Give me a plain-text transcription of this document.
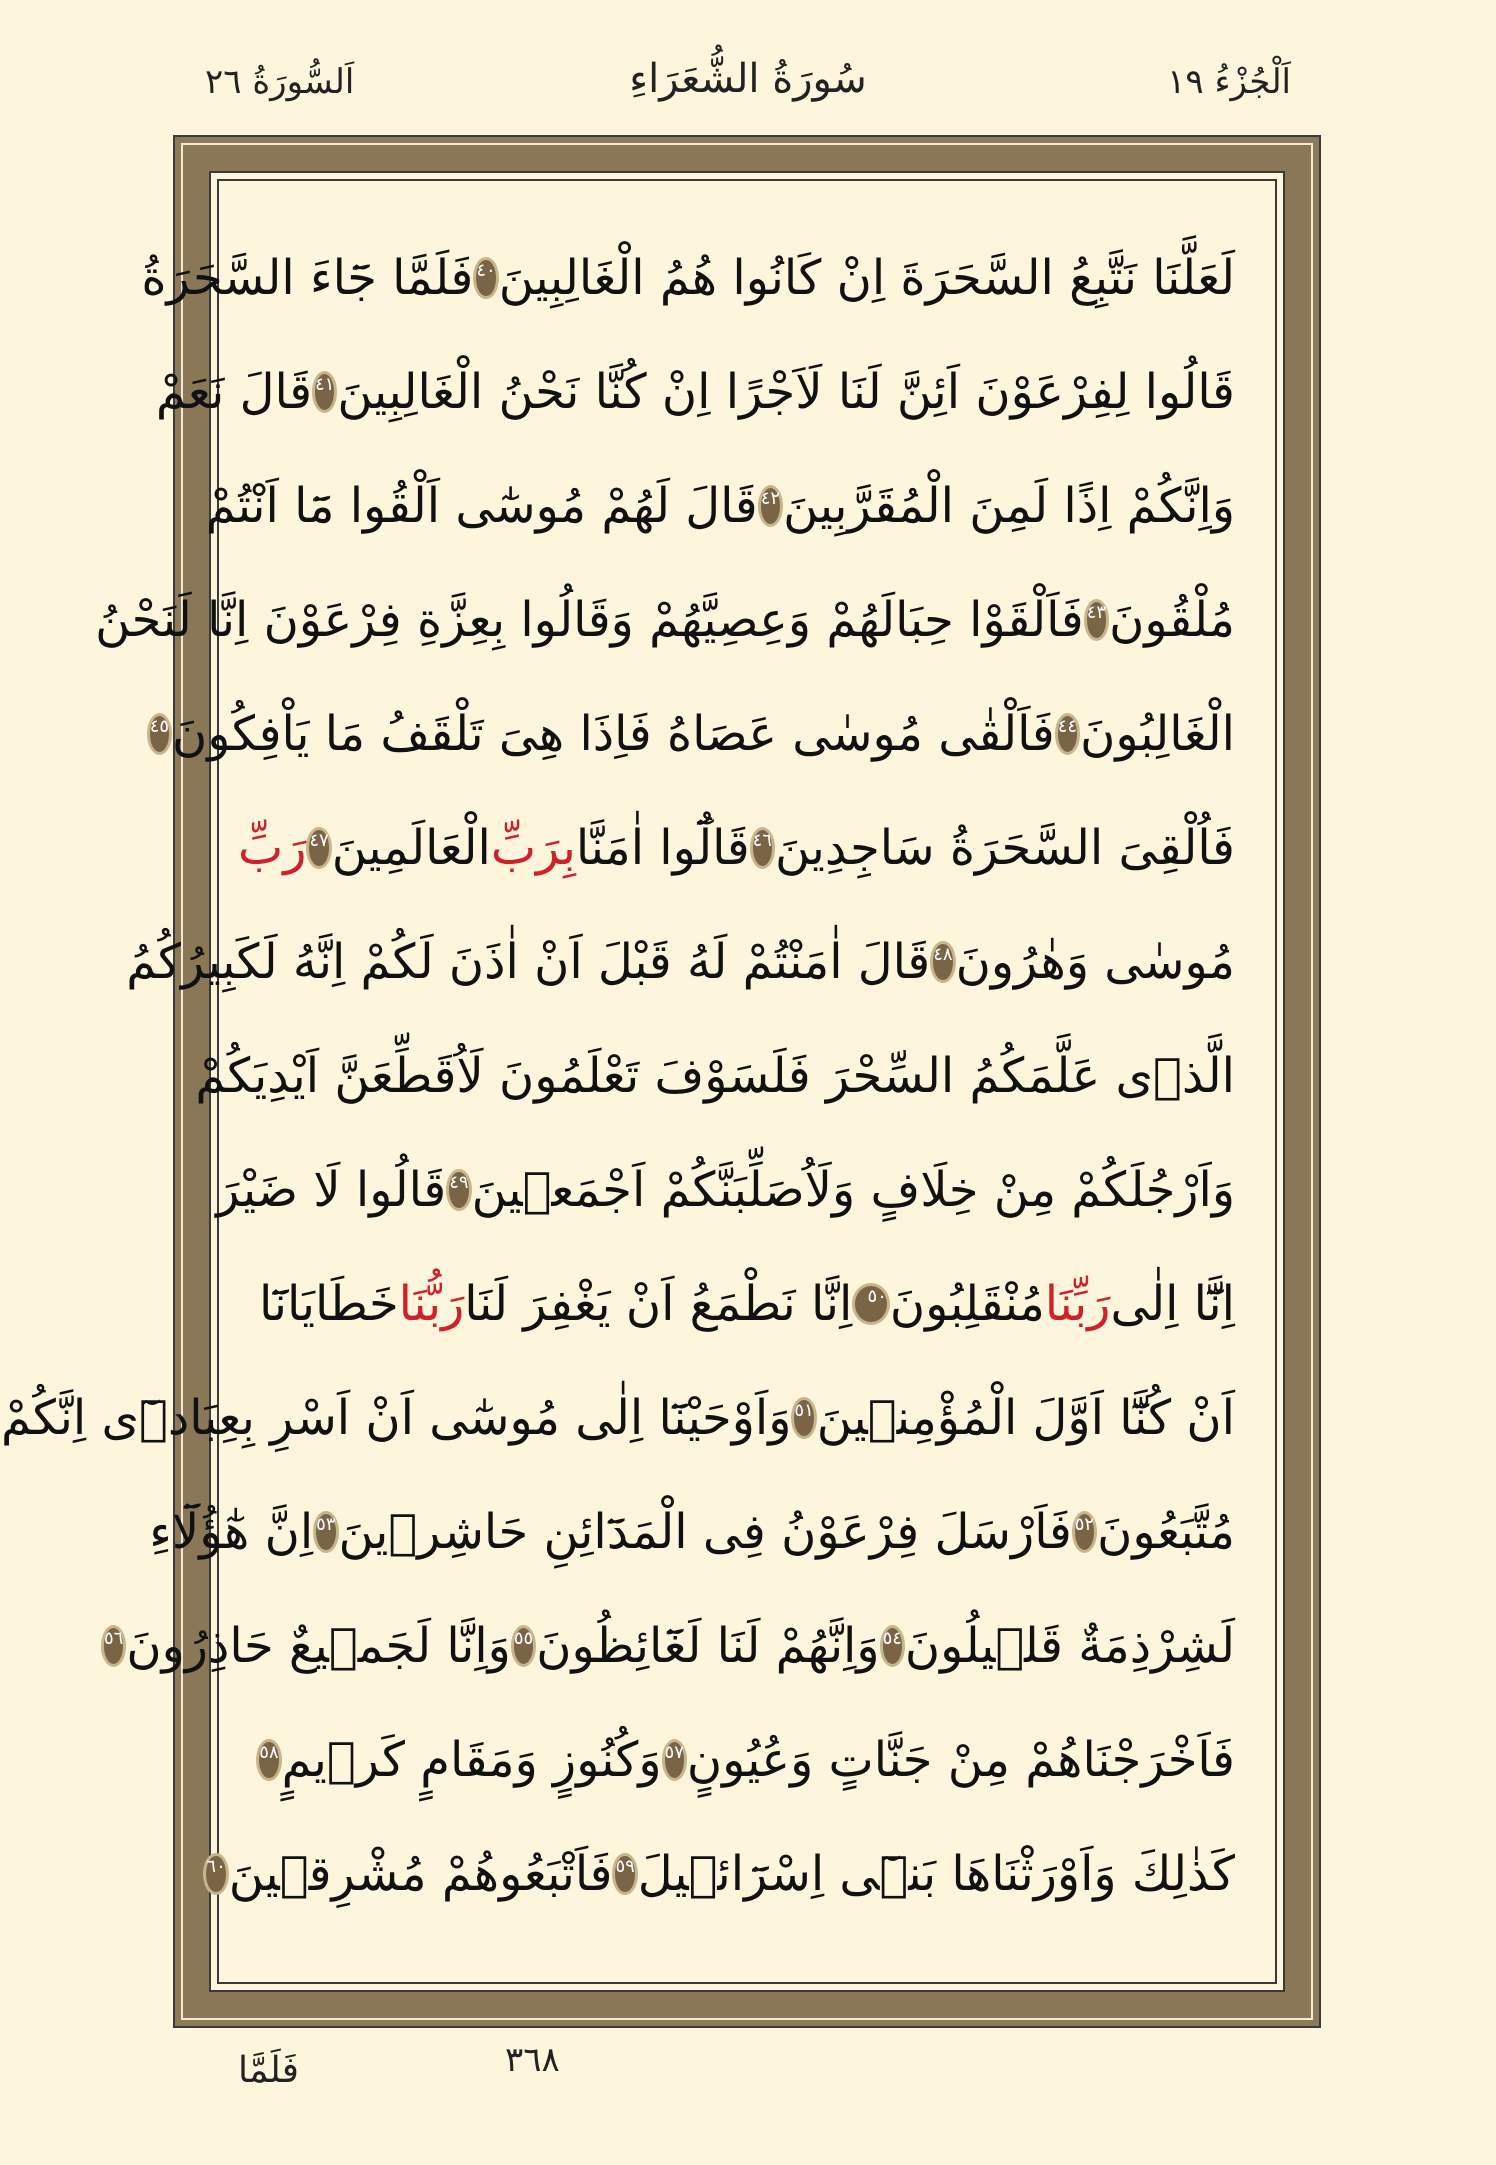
اَلْجُزْءُ ١٩
سُورَةُ الشُّعَرَاءِ
اَلسُّورَةُ ٢٦
لَعَلَّنَا نَتَّبِعُ السَّحَرَةَ اِنْ كَانُوا هُمُ الْغَالِبِينَ
٤٠
فَلَمَّا جَٓاءَ السَّحَرَةُ
قَالُوا لِفِرْعَوْنَ اَئِنَّ لَنَا لَاَجْرًا اِنْ كُنَّا نَحْنُ الْغَالِبِينَ
٤١
قَالَ نَعَمْ
وَاِنَّكُمْ اِذًا لَمِنَ الْمُقَرَّبِينَ
٤٢
قَالَ لَهُمْ مُوسٰٓى اَلْقُوا مَٓا اَنْتُمْ
مُلْقُونَ
٤٣
فَاَلْقَوْا حِبَالَهُمْ وَعِصِيَّهُمْ وَقَالُوا بِعِزَّةِ فِرْعَوْنَ اِنَّا لَنَحْنُ
الْغَالِبُونَ
٤٤
فَاَلْقٰى مُوسٰى عَصَاهُ فَاِذَا هِىَ تَلْقَفُ مَا يَاْفِكُونَ
٤٥
فَاُلْقِىَ السَّحَرَةُ سَاجِدِينَ
٤٦
قَالُٓوا اٰمَنَّا
بِرَبِّ
الْعَالَمِينَ
٤٧
رَبِّ
مُوسٰى وَهٰرُونَ
٤٨
قَالَ اٰمَنْتُمْ لَهُ قَبْلَ اَنْ اٰذَنَ لَكُمْ اِنَّهُ لَكَبِيرُكُمُ
الَّذٖى عَلَّمَكُمُ السِّحْرَ فَلَسَوْفَ تَعْلَمُونَ لَاُقَطِّعَنَّ اَيْدِيَكُمْ
وَاَرْجُلَكُمْ مِنْ خِلَافٍ وَلَاُصَلِّبَنَّكُمْ اَجْمَعٖينَ
٤٩
قَالُوا لَا ضَيْرَ
اِنَّٓا اِلٰى
رَبِّنَا
مُنْقَلِبُونَ
٥٠
اِنَّا نَطْمَعُ اَنْ يَغْفِرَ لَنَا
رَبُّنَا
خَطَايَانَٓا
اَنْ كُنَّٓا اَوَّلَ الْمُؤْمِنٖينَ
٥١
وَاَوْحَيْنَٓا اِلٰى مُوسٰٓى اَنْ اَسْرِ بِعِبَادٖٓى اِنَّكُمْ
مُتَّبَعُونَ
٥٢
فَاَرْسَلَ فِرْعَوْنُ فِى الْمَدَٓائِنِ حَاشِرٖينَ
٥٣
اِنَّ هٰٓؤُلَٓاءِ
لَشِرْذِمَةٌ قَلٖيلُونَ
٥٤
وَاِنَّهُمْ لَنَا لَغَٓائِظُونَ
٥٥
وَاِنَّا لَجَمٖيعٌ حَاذِرُونَ
٥٦
فَاَخْرَجْنَاهُمْ مِنْ جَنَّاتٍ وَعُيُونٍ
٥٧
وَكُنُوزٍ وَمَقَامٍ كَرٖيمٍ
٥٨
كَذٰلِكَ وَاَوْرَثْنَاهَا بَنٖٓى اِسْرَٓائٖيلَ
٥٩
فَاَتْبَعُوهُمْ مُشْرِقٖينَ
٦٠
٣٦٨
فَلَمَّا
